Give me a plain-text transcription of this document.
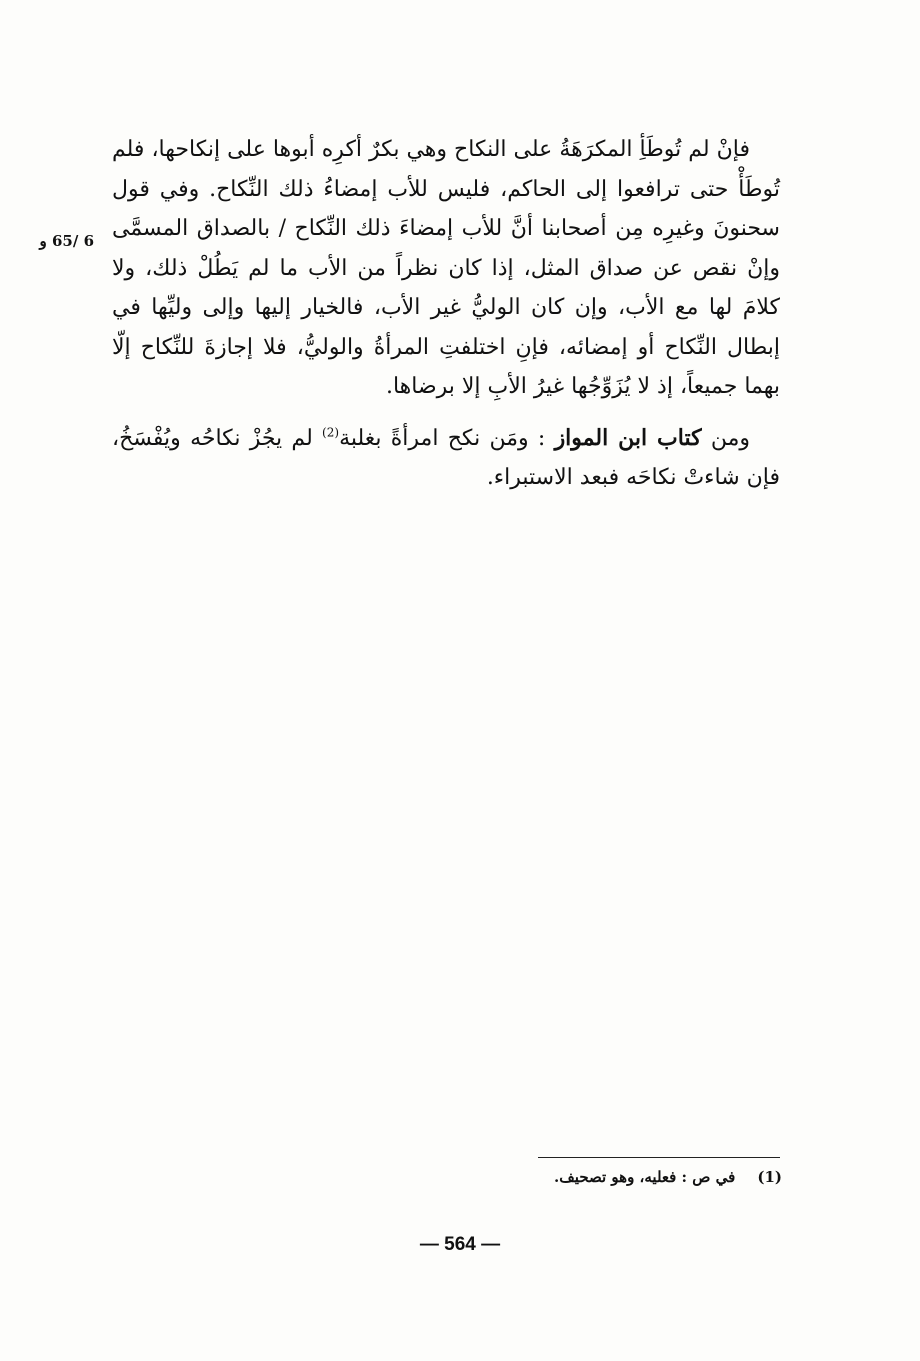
فإنْ لم تُوطَأِ المكرَهَةُ على النكاح وهي بكرٌ أكرِه أبوها على إنكاحها، فلم تُوطَأْ حتى ترافعوا إلى الحاكم، فليس للأب إمضاءُ ذلك النِّكاح. وفي قول سحنونَ وغيرِه مِن أصحابنا أنَّ للأب إمضاءَ ذلك النِّكاح / بالصداق المسمَّى وإنْ نقص عن صداق المثل، إذا كان نظراً من الأب ما لم يَطُلْ ذلك، ولا كلامَ لها مع الأب، وإن كان الوليُّ غير الأب، فالخيار إليها وإلى وليِّها في إبطال النِّكاح أو إمضائه، فإنِ اختلفتِ المرأةُ والوليُّ، فلا إجازةَ للنِّكاح إلّا بهما جميعاً، إذ لا يُزَوِّجُها غيرُ الأبِ إلا برضاها.

ومن كتاب ابن المواز : ومَن نكح امرأةً بغلبة$^{(2)}$ لم يجُزْ نكاحُه ويُفْسَخُ، فإن شاءتْ نكاحَه فبعد الاستبراء.

6 /65 و
(1)في ص : فعليه، وهو تصحيف.
— 564 —
